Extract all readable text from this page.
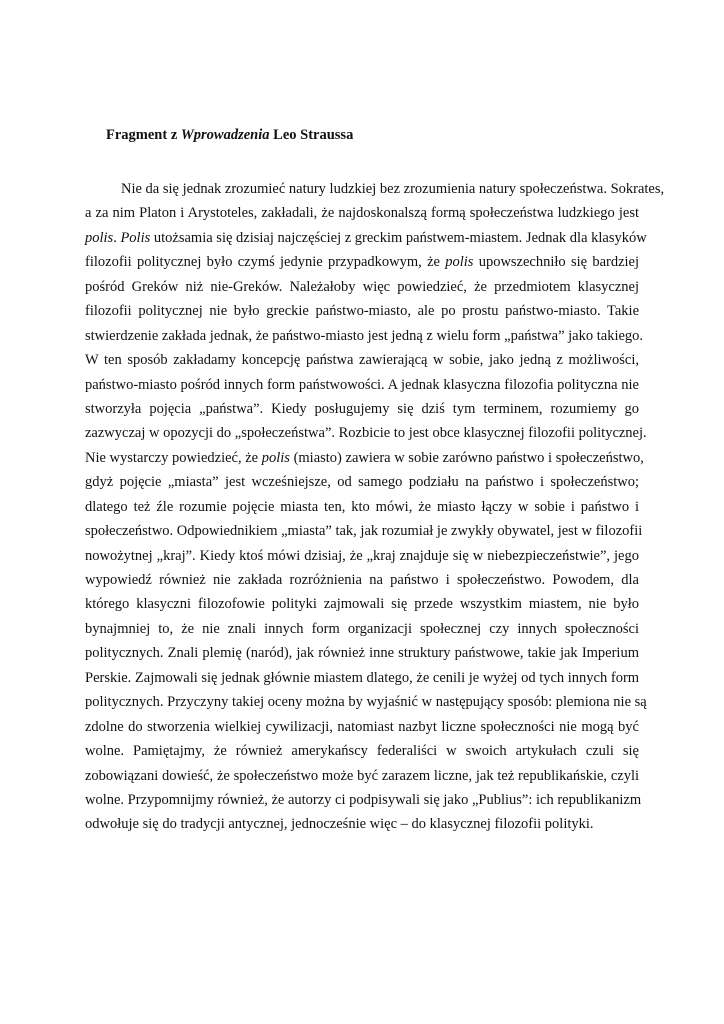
Fragment z Wprowadzenia Leo Straussa
Nie da się jednak zrozumieć natury ludzkiej bez zrozumienia natury społeczeństwa. Sokrates,
a za nim Platon i Arystoteles, zakładali, że najdoskonalszą formą społeczeństwa ludzkiego jest
polis. Polis utożsamia się dzisiaj najczęściej z greckim państwem-miastem. Jednak dla klasyków
filozofii politycznej było czymś jedynie przypadkowym, że polis upowszechniło się bardziej
pośród Greków niż nie-Greków. Należałoby więc powiedzieć, że przedmiotem klasycznej
filozofii politycznej nie było greckie państwo-miasto, ale po prostu państwo-miasto. Takie
stwierdzenie zakłada jednak, że państwo-miasto jest jedną z wielu form „państwa” jako takiego.
W ten sposób zakładamy koncepcję państwa zawierającą w sobie, jako jedną z możliwości,
państwo-miasto pośród innych form państwowości. A jednak klasyczna filozofia polityczna nie
stworzyła pojęcia „państwa”. Kiedy posługujemy się dziś tym terminem, rozumiemy go
zazwyczaj w opozycji do „społeczeństwa”. Rozbicie to jest obce klasycznej filozofii politycznej.
Nie wystarczy powiedzieć, że polis (miasto) zawiera w sobie zarówno państwo i społeczeństwo,
gdyż pojęcie „miasta” jest wcześniejsze, od samego podziału na państwo i społeczeństwo;
dlatego też źle rozumie pojęcie miasta ten, kto mówi, że miasto łączy w sobie i państwo i
społeczeństwo. Odpowiednikiem „miasta” tak, jak rozumiał je zwykły obywatel, jest w filozofii
nowożytnej „kraj”. Kiedy ktoś mówi dzisiaj, że „kraj znajduje się w niebezpieczeństwie”, jego
wypowiedź również nie zakłada rozróżnienia na państwo i społeczeństwo. Powodem, dla
którego klasyczni filozofowie polityki zajmowali się przede wszystkim miastem, nie było
bynajmniej to, że nie znali innych form organizacji społecznej czy innych społeczności
politycznych. Znali plemię (naród), jak również inne struktury państwowe, takie jak Imperium
Perskie. Zajmowali się jednak głównie miastem dlatego, że cenili je wyżej od tych innych form
politycznych. Przyczyny takiej oceny można by wyjaśnić w następujący sposób: plemiona nie są
zdolne do stworzenia wielkiej cywilizacji, natomiast nazbyt liczne społeczności nie mogą być
wolne. Pamiętajmy, że również amerykańscy federaliści w swoich artykułach czuli się
zobowiązani dowieść, że społeczeństwo może być zarazem liczne, jak też republikańskie, czyli
wolne. Przypomnijmy również, że autorzy ci podpisywali się jako „Publius”: ich republikanizm
odwołuje się do tradycji antycznej, jednocześnie więc – do klasycznej filozofii polityki.
